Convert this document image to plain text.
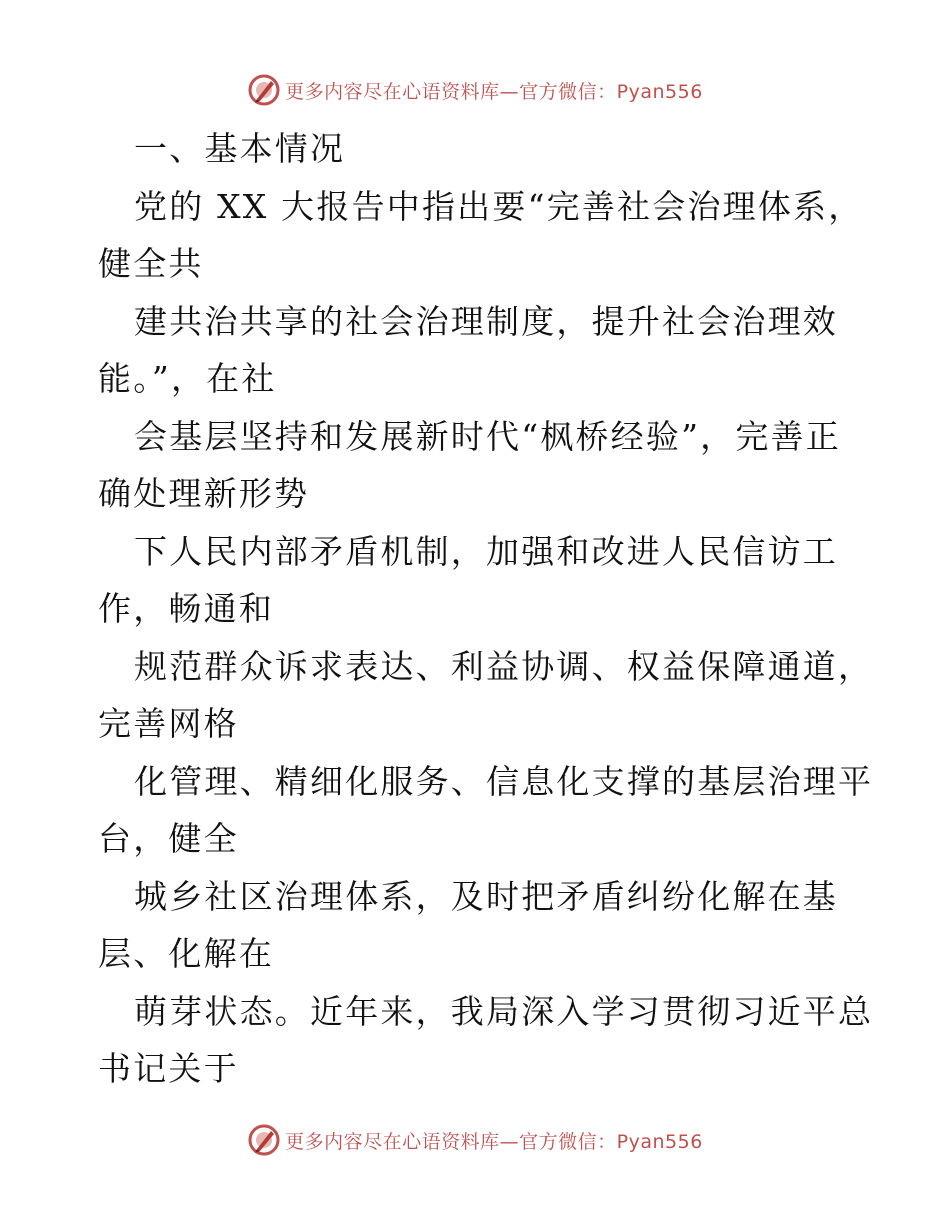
更多内容尽在心语资料库—官方微信：Pyan556
一、基本情况
党的 XX 大报告中指出要“完善社会治理体系，
健全共
建共治共享的社会治理制度，提升社会治理效
能。”，在社
会基层坚持和发展新时代“枫桥经验”，完善正
确处理新形势
下人民内部矛盾机制，加强和改进人民信访工
作，畅通和
规范群众诉求表达、利益协调、权益保障通道，
完善网格
化管理、精细化服务、信息化支撑的基层治理平
台，健全
城乡社区治理体系，及时把矛盾纠纷化解在基
层、化解在
萌芽状态。近年来，我局深入学习贯彻习近平总
书记关于
更多内容尽在心语资料库—官方微信：Pyan556
